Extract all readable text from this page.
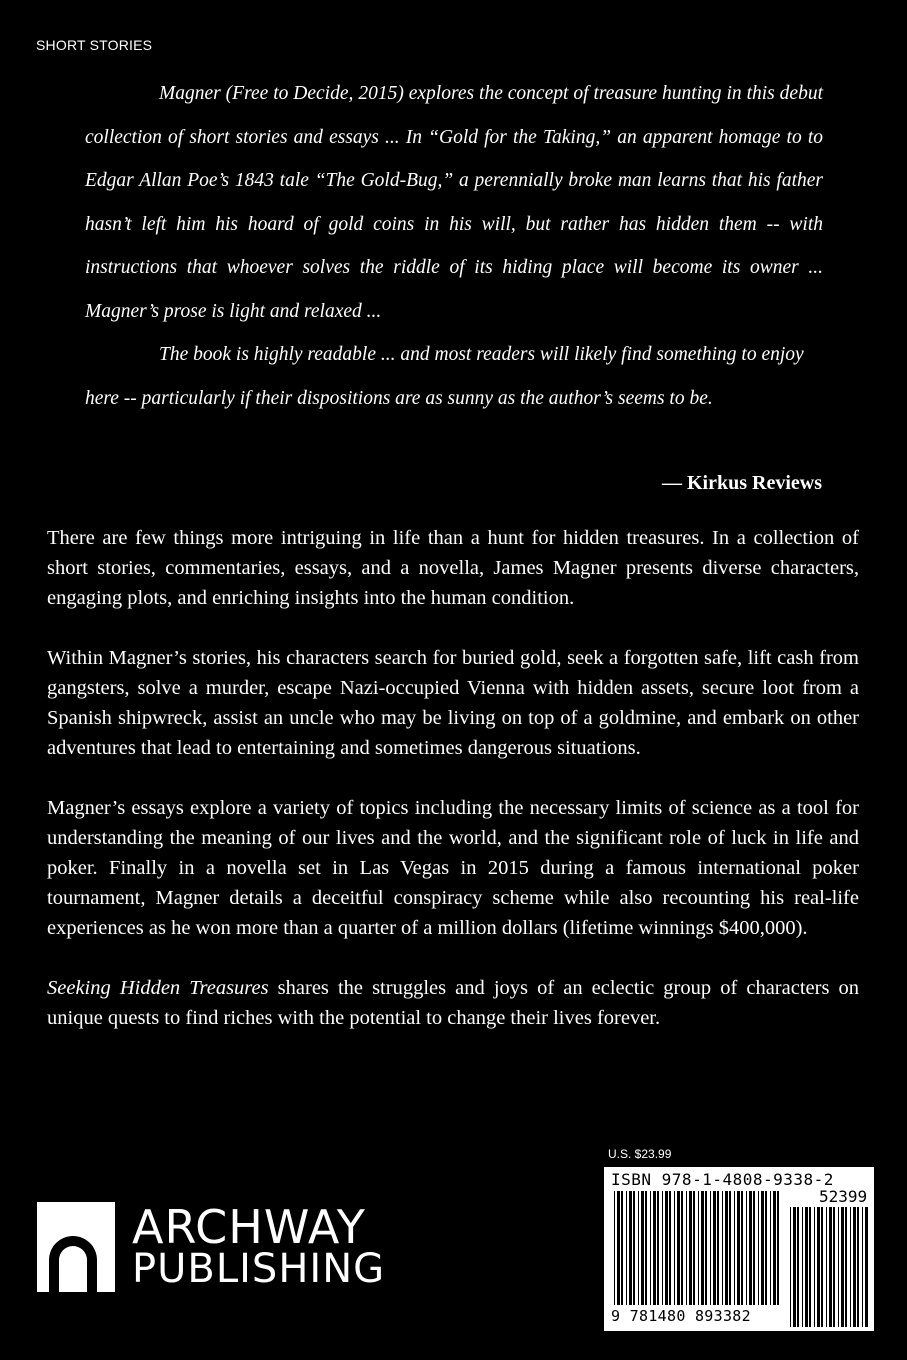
SHORT STORIES

Magner (Free to Decide, 2015) explores the concept of treasure hunting in this debut collection of short stories and essays ... In “Gold for the Taking,” an apparent homage to to Edgar Allan Poe’s 1843 tale “The Gold-Bug,” a perennially broke man learns that his father hasn’t left him his hoard of gold coins in his will, but rather has hidden them -- with instructions that whoever solves the riddle of its hiding place will become its owner ... Magner’s prose is light and relaxed ...

The book is highly readable ... and most readers will likely find something to enjoy here -- particularly if their dispositions are as sunny as the author’s seems to be.

— Kirkus Reviews

There are few things more intriguing in life than a hunt for hidden treasures. In a collection of short stories, commentaries, essays, and a novella, James Magner presents diverse characters, engaging plots, and enriching insights into the human condition.

Within Magner’s stories, his characters search for buried gold, seek a forgotten safe, lift cash from gangsters, solve a murder, escape Nazi-occupied Vienna with hidden assets, secure loot from a Spanish shipwreck, assist an uncle who may be living on top of a goldmine, and embark on other adventures that lead to entertaining and sometimes dangerous situations.

Magner’s essays explore a variety of topics including the necessary limits of science as a tool for understanding the meaning of our lives and the world, and the significant role of luck in life and poker. Finally in a novella set in Las Vegas in 2015 during a famous international poker tournament, Magner details a deceitful conspiracy scheme while also recounting his real-life experiences as he won more than a quarter of a million dollars (lifetime winnings $400,000).

Seeking Hidden Treasures shares the struggles and joys of an eclectic group of characters on unique quests to find riches with the potential to change their lives forever.

U.S. $23.99
ARCHWAY
PUBLISHING
ISBN 978-1-4808-9338-2
52399
9 781480 893382
